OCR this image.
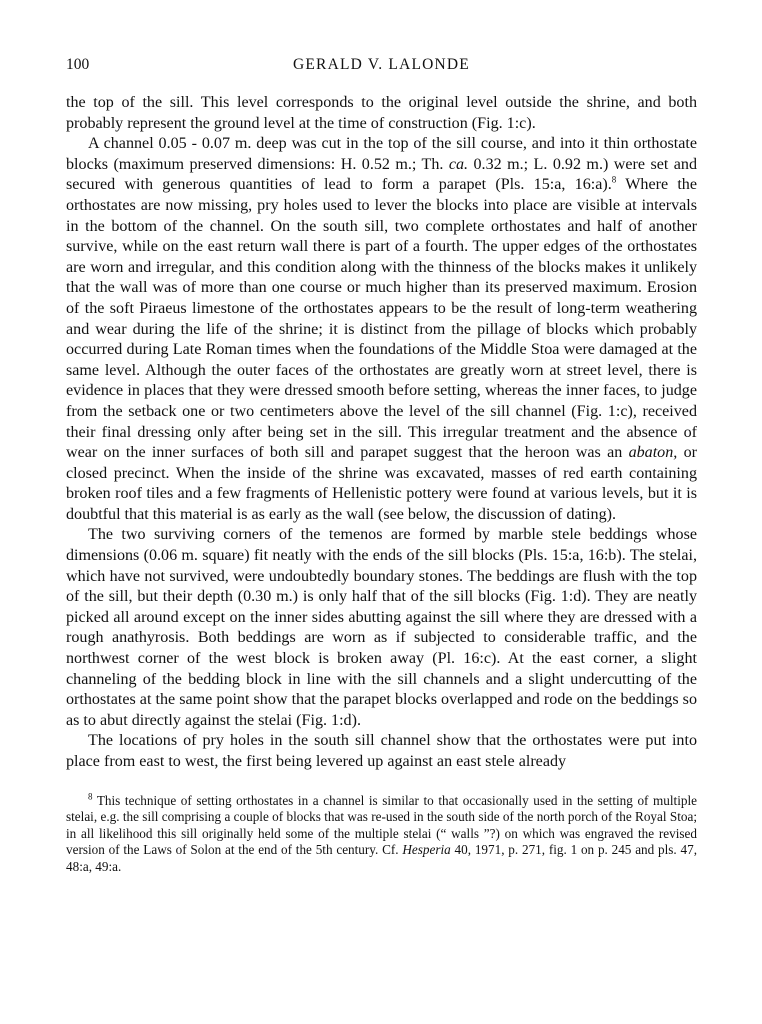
100	GERALD V. LALONDE

the top of the sill. This level corresponds to the original level outside the shrine, and both probably represent the ground level at the time of construction (Fig. 1:c).

A channel 0.05 - 0.07 m. deep was cut in the top of the sill course, and into it thin orthostate blocks (maximum preserved dimensions: H. 0.52 m.; Th. ca. 0.32 m.; L. 0.92 m.) were set and secured with generous quantities of lead to form a parapet (Pls. 15:a, 16:a).$^8$ Where the orthostates are now missing, pry holes used to lever the blocks into place are visible at intervals in the bottom of the channel. On the south sill, two complete orthostates and half of another survive, while on the east return wall there is part of a fourth. The upper edges of the orthostates are worn and irregular, and this condition along with the thinness of the blocks makes it unlikely that the wall was of more than one course or much higher than its preserved maximum. Erosion of the soft Piraeus limestone of the orthostates appears to be the result of long-term weathering and wear during the life of the shrine; it is distinct from the pillage of blocks which probably occurred during Late Roman times when the foundations of the Middle Stoa were damaged at the same level. Although the outer faces of the orthostates are greatly worn at street level, there is evidence in places that they were dressed smooth before setting, whereas the inner faces, to judge from the setback one or two centimeters above the level of the sill channel (Fig. 1:c), received their final dressing only after being set in the sill. This irregular treatment and the absence of wear on the inner surfaces of both sill and parapet suggest that the heroon was an abaton, or closed precinct. When the inside of the shrine was excavated, masses of red earth containing broken roof tiles and a few fragments of Hellenistic pottery were found at various levels, but it is doubtful that this material is as early as the wall (see below, the discussion of dating).

The two surviving corners of the temenos are formed by marble stele beddings whose dimensions (0.06 m. square) fit neatly with the ends of the sill blocks (Pls. 15:a, 16:b). The stelai, which have not survived, were undoubtedly boundary stones. The beddings are flush with the top of the sill, but their depth (0.30 m.) is only half that of the sill blocks (Fig. 1:d). They are neatly picked all around except on the inner sides abutting against the sill where they are dressed with a rough anathyrosis. Both beddings are worn as if subjected to considerable traffic, and the northwest corner of the west block is broken away (Pl. 16:c). At the east corner, a slight channeling of the bedding block in line with the sill channels and a slight undercutting of the orthostates at the same point show that the parapet blocks overlapped and rode on the beddings so as to abut directly against the stelai (Fig. 1:d).

The locations of pry holes in the south sill channel show that the orthostates were put into place from east to west, the first being levered up against an east stele already

$^8$ This technique of setting orthostates in a channel is similar to that occasionally used in the setting of multiple stelai, e.g. the sill comprising a couple of blocks that was re-used in the south side of the north porch of the Royal Stoa; in all likelihood this sill originally held some of the multiple stelai (“ walls ”?) on which was engraved the revised version of the Laws of Solon at the end of the 5th century. Cf. Hesperia 40, 1971, p. 271, fig. 1 on p. 245 and pls. 47, 48:a, 49:a.
